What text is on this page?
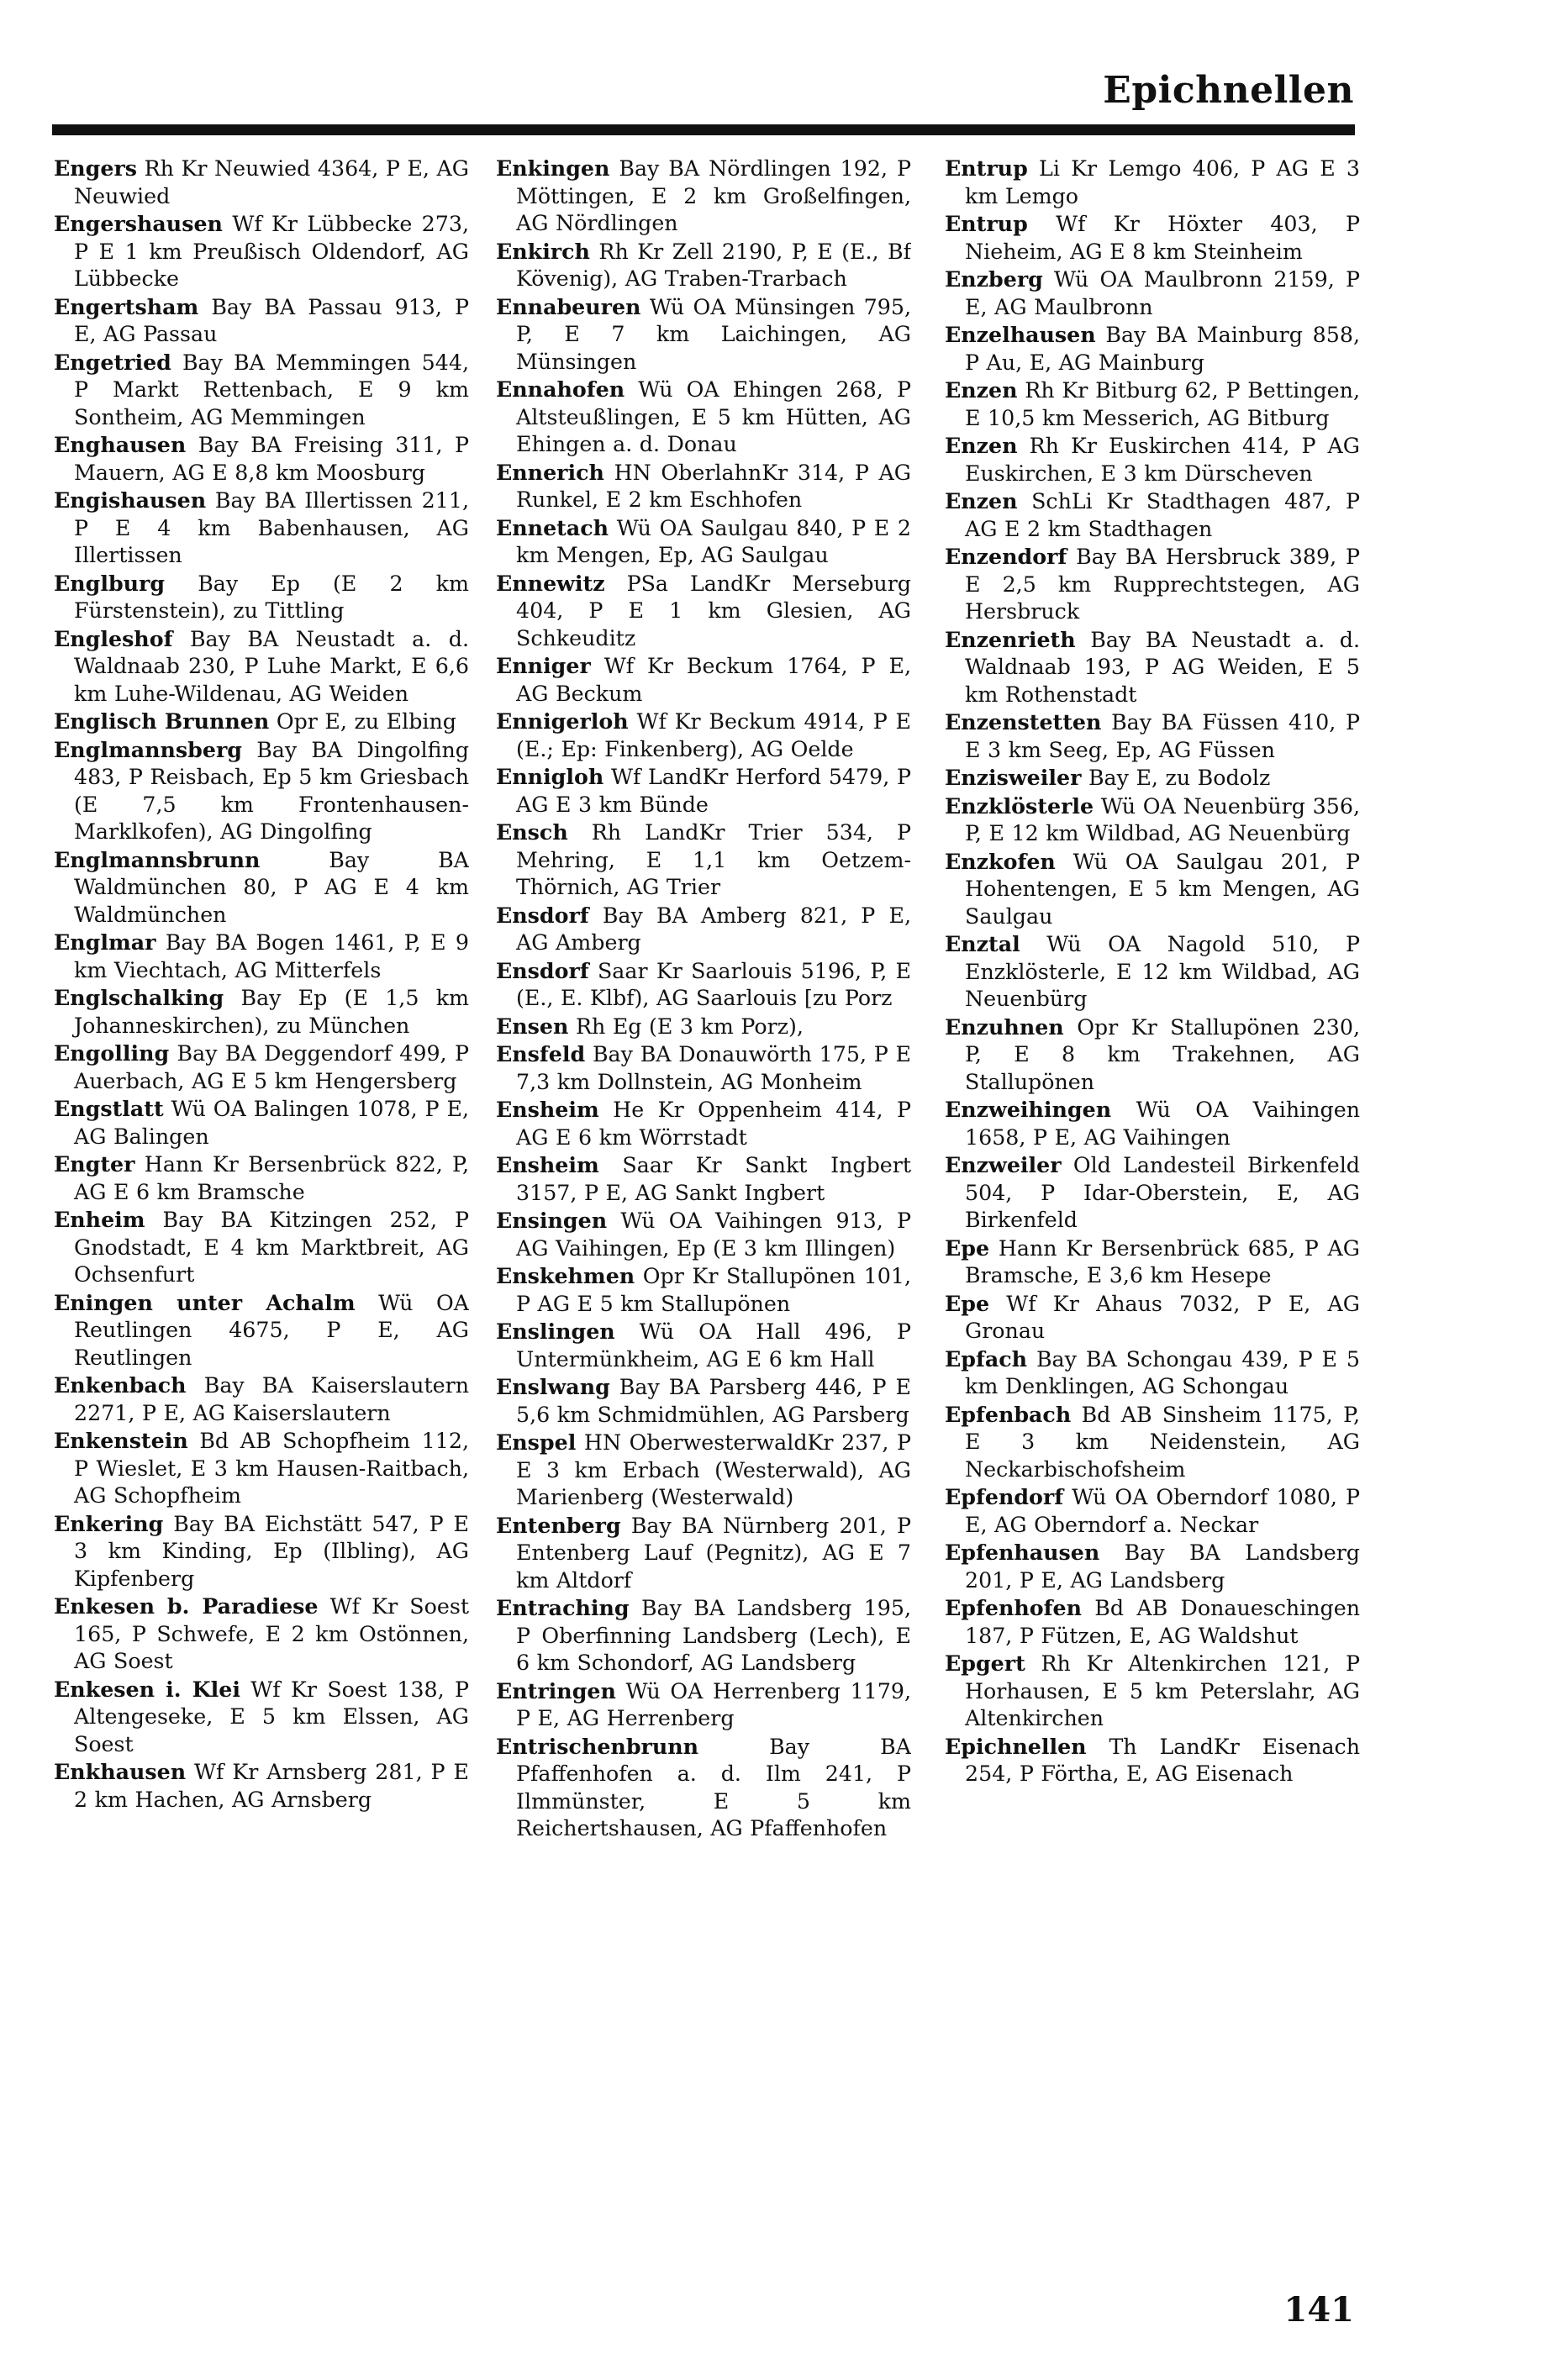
Epichnellen

Engers Rh Kr Neuwied 4364, P E, AG Neuwied

Engershausen Wf Kr Lübbecke 273, P E 1 km Preußisch Oldendorf, AG Lübbecke

Engertsham Bay BA Passau 913, P E, AG Passau

Engetried Bay BA Memmingen 544, P Markt Rettenbach, E 9 km Sontheim, AG Memmingen

Enghausen Bay BA Freising 311, P Mauern, AG E 8,8 km Moosburg

Engishausen Bay BA Illertissen 211, P E 4 km Babenhausen, AG Illertissen

Englburg Bay Ep (E 2 km Fürstenstein), zu Tittling

Engleshof Bay BA Neustadt a. d. Waldnaab 230, P Luhe Markt, E 6,6 km Luhe-Wildenau, AG Weiden

Englisch Brunnen Opr E, zu Elbing

Englmannsberg Bay BA Dingolfing 483, P Reisbach, Ep 5 km Griesbach (E 7,5 km Frontenhausen-Marklkofen), AG Dingolfing

Englmannsbrunn	Bay BA Waldmünchen 80, P AG E 4 km Waldmünchen

Englmar Bay BA Bogen 1461, P, E 9 km Viechtach, AG Mitterfels

Englschalking Bay Ep (E 1,5 km Johanneskirchen), zu München

Engolling Bay BA Deggendorf 499, P Auerbach, AG E 5 km Hengersberg

Engstlatt Wü OA Balingen 1078, P E, AG Balingen

Engter Hann Kr Bersenbrück 822, P, AG E 6 km Bramsche

Enheim Bay BA Kitzingen 252, P Gnodstadt, E 4 km Marktbreit, AG Ochsenfurt

Eningen unter Achalm Wü OA Reutlingen 4675, P E, AG Reutlingen

Enkenbach Bay BA Kaiserslautern 2271, P E, AG Kaiserslautern

Enkenstein Bd AB Schopfheim 112, P Wieslet, E 3 km Hausen-Raitbach, AG Schopfheim

Enkering Bay BA Eichstätt 547, P E 3 km Kinding, Ep (Ilbling), AG Kipfenberg

Enkesen b. Paradiese Wf Kr Soest 165, P Schwefe, E 2 km Ostönnen, AG Soest

Enkesen i. Klei Wf Kr Soest 138, P Altengeseke, E 5 km Elssen, AG Soest

Enkhausen Wf Kr Arnsberg 281, P E 2 km Hachen, AG Arnsberg

Enkingen Bay BA Nördlingen 192, P Möttingen, E 2 km Großelfingen, AG Nördlingen

Enkirch Rh Kr Zell 2190, P, E (E., Bf Kövenig), AG Traben-Trarbach

Ennabeuren Wü OA Münsingen 795, P, E 7 km Laichingen, AG Münsingen

Ennahofen Wü OA Ehingen 268, P Altsteußlingen, E 5 km Hütten, AG Ehingen a. d. Donau

Ennerich HN OberlahnKr 314, P AG Runkel, E 2 km Eschhofen

Ennetach Wü OA Saulgau 840, P E 2 km Mengen, Ep, AG Saulgau

Ennewitz PSa LandKr Merseburg 404, P E 1 km Glesien, AG Schkeuditz

Enniger Wf Kr Beckum 1764, P E, AG Beckum

Ennigerloh Wf Kr Beckum 4914, P E (E.; Ep: Finkenberg), AG Oelde

Ennigloh Wf LandKr Herford 5479, P AG E 3 km Bünde

Ensch Rh LandKr Trier 534, P Mehring, E 1,1 km Oetzem-Thörnich, AG Trier

Ensdorf Bay BA Amberg 821, P E, AG Amberg

Ensdorf Saar Kr Saarlouis 5196, P, E (E., E. Klbf), AG Saarlouis [zu Porz

Ensen Rh Eg (E 3 km Porz),

Ensfeld Bay BA Donauwörth 175, P E 7,3 km Dollnstein, AG Monheim

Ensheim He Kr Oppenheim 414, P AG E 6 km Wörrstadt

Ensheim Saar Kr Sankt Ingbert 3157, P E, AG Sankt Ingbert

Ensingen Wü OA Vaihingen 913, P AG Vaihingen, Ep (E 3 km Illingen)

Enskehmen Opr Kr Stallupönen 101, P AG E 5 km Stallupönen

Enslingen Wü OA Hall 496, P Untermünkheim, AG E 6 km Hall

Enslwang Bay BA Parsberg 446, P E 5,6 km Schmidmühlen, AG Parsberg

Enspel HN OberwesterwaldKr 237, P E 3 km Erbach (Westerwald), AG Marienberg (Westerwald)

Entenberg Bay BA Nürnberg 201, P Entenberg Lauf (Pegnitz), AG E 7 km Altdorf

Entraching Bay BA Landsberg 195, P Oberfinning Landsberg (Lech), E 6 km Schondorf, AG Landsberg

Entringen Wü OA Herrenberg 1179, P E, AG Herrenberg

Entrischenbrunn	Bay BA Pfaffenhofen a. d. Ilm 241, P Ilmmünster, E 5 km Reichertshausen, AG Pfaffenhofen

Entrup Li Kr Lemgo 406, P AG E 3 km Lemgo

Entrup Wf Kr Höxter 403, P Nieheim, AG E 8 km Steinheim

Enzberg Wü OA Maulbronn 2159, P E, AG Maulbronn

Enzelhausen Bay BA Mainburg 858, P Au, E, AG Mainburg

Enzen Rh Kr Bitburg 62, P Bettingen, E 10,5 km Messerich, AG Bitburg

Enzen Rh Kr Euskirchen 414, P AG Euskirchen, E 3 km Dürscheven

Enzen SchLi Kr Stadthagen 487, P AG E 2 km Stadthagen

Enzendorf Bay BA Hersbruck 389, P E 2,5 km Rupprechtstegen, AG Hersbruck

Enzenrieth Bay BA Neustadt a. d. Waldnaab 193, P AG Weiden, E 5 km Rothenstadt

Enzenstetten Bay BA Füssen 410, P E 3 km Seeg, Ep, AG Füssen

Enzisweiler Bay E, zu Bodolz

Enzklösterle Wü OA Neuenbürg 356, P, E 12 km Wildbad, AG Neuenbürg

Enzkofen Wü OA Saulgau 201, P Hohentengen, E 5 km Mengen, AG Saulgau

Enztal Wü OA Nagold 510, P Enzklösterle, E 12 km Wildbad, AG Neuenbürg

Enzuhnen Opr Kr Stallupönen 230, P, E 8 km Trakehnen, AG Stallupönen

Enzweihingen Wü OA Vaihingen 1658, P E, AG Vaihingen

Enzweiler Old Landesteil Birkenfeld 504, P Idar-Oberstein, E, AG Birkenfeld

Epe Hann Kr Bersenbrück 685, P AG Bramsche, E 3,6 km Hesepe

Epe Wf Kr Ahaus 7032, P E, AG Gronau

Epfach Bay BA Schongau 439, P E 5 km Denklingen, AG Schongau

Epfenbach Bd AB Sinsheim 1175, P, E 3 km Neidenstein, AG Neckarbischofsheim

Epfendorf Wü OA Oberndorf 1080, P E, AG Oberndorf a. Neckar

Epfenhausen Bay BA Landsberg 201, P E, AG Landsberg

Epfenhofen Bd AB Donaueschingen 187, P Fützen, E, AG Waldshut

Epgert Rh Kr Altenkirchen 121, P Horhausen, E 5 km Peterslahr, AG Altenkirchen

Epichnellen Th LandKr Eisenach 254, P Förtha, E, AG Eisenach

141
